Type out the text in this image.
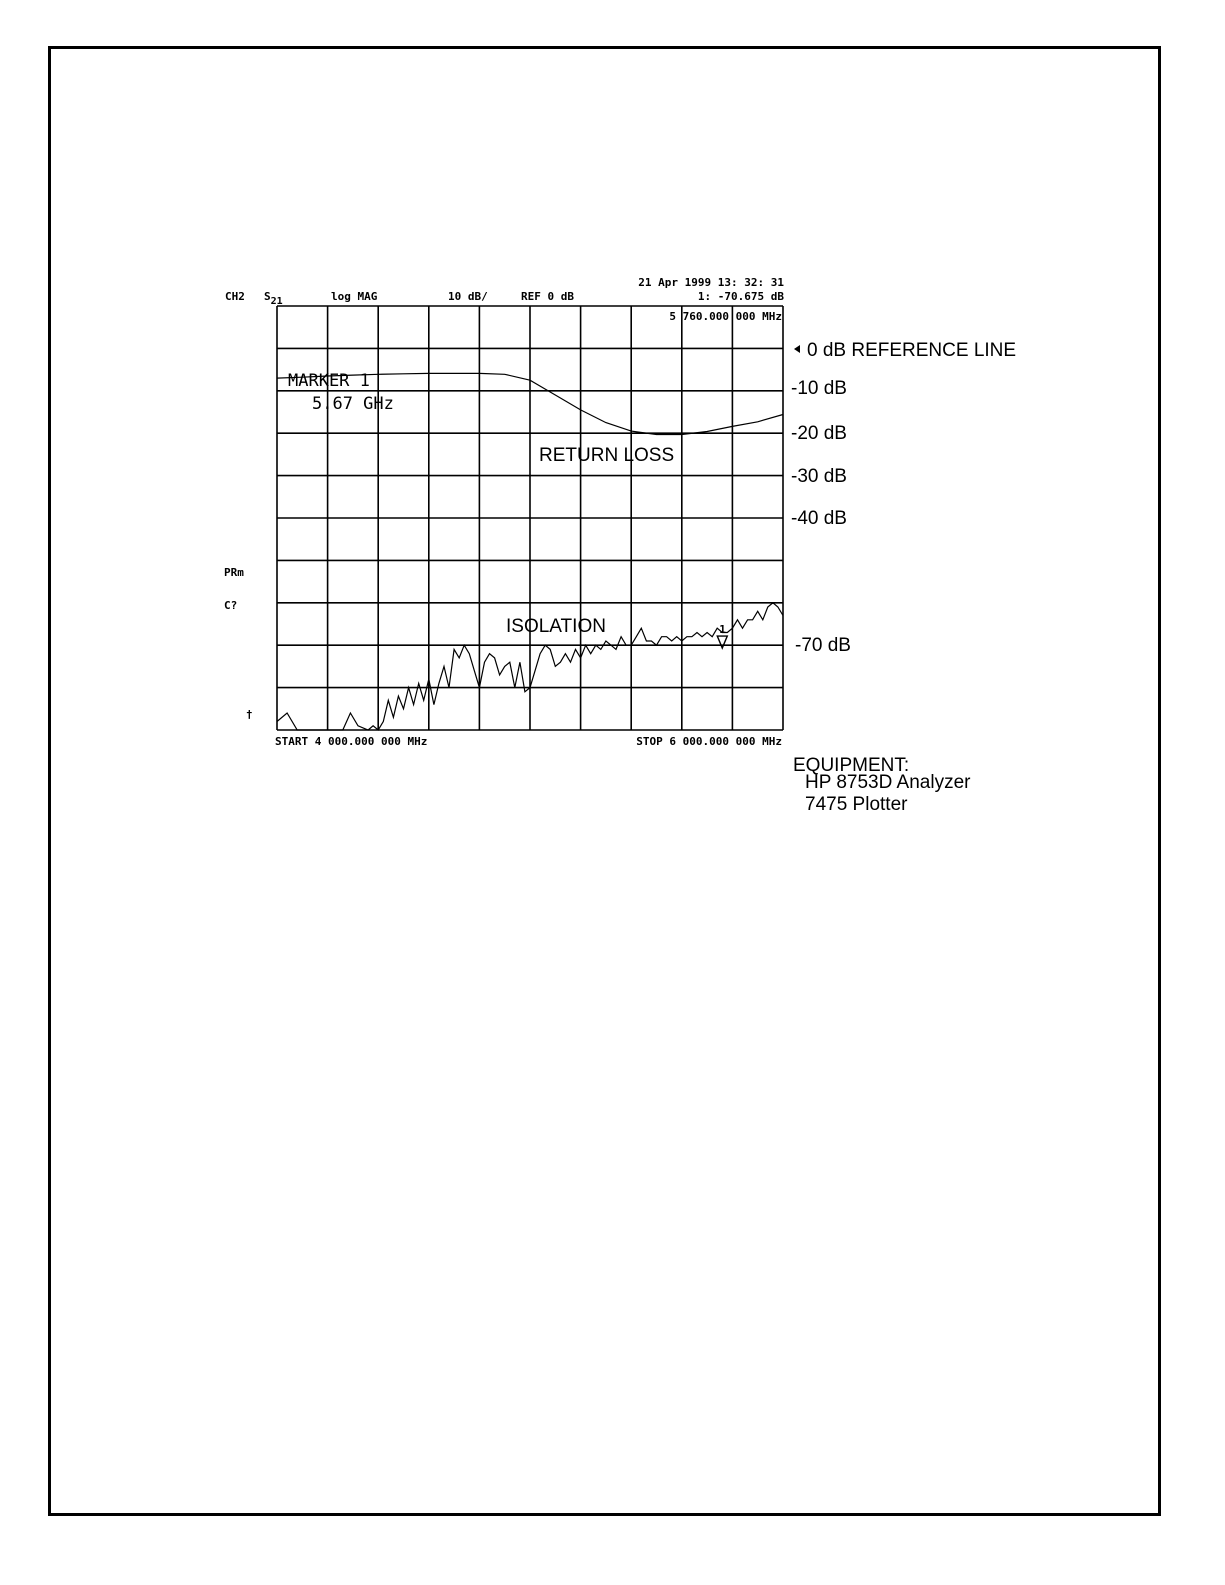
CH2 S21	log MAG	10 dB/	REF 0 dB
21 Apr 1999 13: 32: 31
1: -70.675 dB
5 760.000 000 MHz
PRm
C?
†
1
MARKER 1
5.67 GHz
RETURN LOSS
ISOLATION
0 dB REFERENCE LINE
-10 dB
-20 dB
-30 dB
-40 dB
-70 dB
START 4 000.000 000 MHz	STOP 6 000.000 000 MHz
EQUIPMENT:
HP 8753D Analyzer
7475 Plotter
